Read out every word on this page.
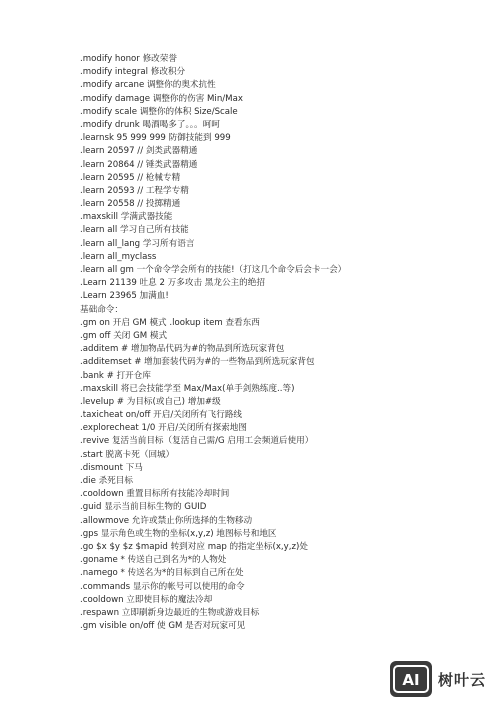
.modify honor 修改荣誉
.modify integral 修改积分
.modify arcane 调整你的奥术抗性
.modify damage 调整你的伤害 Min/Max
.modify scale 调整你的体积 Size/Scale
.modify drunk 喝酒喝多了。。。呵呵
.learnsk 95 999 999 防御技能到 999
.learn 20597 // 剑类武器精通
.learn 20864 // 锤类武器精通
.learn 20595 // 枪械专精
.learn 20593 // 工程学专精
.learn 20558 // 投掷精通
.maxskill 学满武器技能
.learn all 学习自己所有技能
.learn all_lang 学习所有语言
.learn all_myclass
.learn all gm 一个命令学会所有的技能!（打这几个命令后会卡一会）
.Learn 21139 吐息 2 万多攻击 黑龙公主的绝招
.Learn 23965 加满血!
基础命令：
.gm on 开启 GM 模式 .lookup item 查看东西
.gm off 关闭 GM 模式
.additem # 增加物品代码为#的物品到所选玩家背包
.additemset # 增加套装代码为#的一些物品到所选玩家背包
.bank # 打开仓库
.maxskill 将已会技能学至 Max/Max(单手剑熟练度..等)
.levelup # 为目标(或自己) 增加#级
.taxicheat on/off 开启/关闭所有飞行路线
.explorecheat 1/0 开启/关闭所有探索地图
.revive 复活当前目标（复活自己需/G 启用工会频道后使用）
.start 脱离卡死（回城）
.dismount 下马
.die 杀死目标
.cooldown 重置目标所有技能冷却时间
.guid 显示当前目标生物的 GUID
.allowmove 允许或禁止你所选择的生物移动
.gps 显示角色或生物的坐标(x,y,z) 地图标号和地区
.go $x $y $z $mapid 转到对应 map 的指定坐标(x,y,z)处
.goname * 传送自己到名为*的人物处
.namego * 传送名为*的目标到自己所在处
.commands 显示你的帐号可以使用的命令
.cooldown 立即使目标的魔法冷却
.respawn 立即刷新身边最近的生物或游戏目标
.gm visible on/off 使 GM 是否对玩家可见
AI 树叶云
